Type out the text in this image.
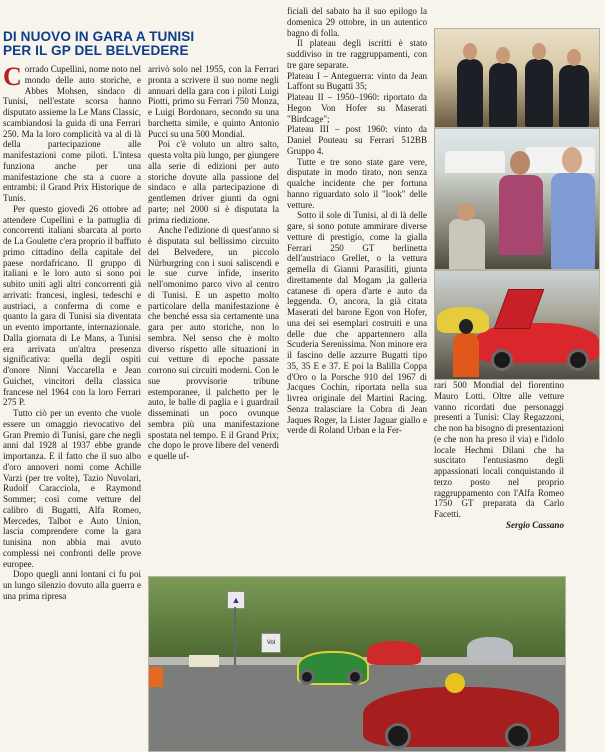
DI NUOVO IN GARA A TUNISI
PER IL GP DEL BELVEDERE

Corrado Cupellini, nome noto nel mondo delle auto storiche, e Abbes Mohsen, sindaco di Tunisi, nell'estate scorsa hanno disputato assieme la Le Mans Classic, scambiandosi la guida di una Ferrari 250. Ma la loro complicità va al di là della partecipazione alle manifestazioni come piloti. L'intesa funziona anche per una manifestazione che sta a cuore a entrambi: il Grand Prix Historique de Tunis.

Per questo giovedì 26 ottobre ad attendere Cupellini e la pattuglia di concorrenti italiani sbarcata al porto de La Goulette c'era proprio il baffuto primo cittadino della capitale del paese nordafricano. Il gruppo di italiani e le loro auto si sono poi subito uniti agli altri concorrenti già arrivati: francesi, inglesi, tedeschi e austriaci, a conferma di come e quanto la gara di Tunisi sia diventata un evento importante, internazionale. Dalla giornata di Le Mans, a Tunisi era arrivata un'altra presenza significativa: quella degli ospiti d'onore Ninni Vaccarella e Jean Guichet, vincitori della classica francese nel 1964 con la loro Ferrari 275 P.

Tutto ciò per un evento che vuole essere un omaggio rievocativo del Gran Premio di Tunisi, gare che negli anni dal 1928 al 1937 ebbe grande importanza. E il fatto che il suo albo d'oro annoveri nomi come Achille Varzi (per tre volte), Tazio Nuvolari, Rudolf Caracciola, e Raymond Sommer; così come vetture del calibro di Bugatti, Alfa Romeo, Mercedes, Talbot e Auto Union, lascia comprendere come la gara tunisina non abbia mai avuto complessi nei confronti delle prove europee.

Dopo quegli anni lontani ci fu poi un lungo silenzio dovuto alla guerra e una prima ripresa

arrivò solo nel 1955, con la Ferrari pronta a scrivere il suo nome negli annuari della gara con i piloti Luigi Piotti, primo su Ferrari 750 Monza, e Luigi Bordonaro, secondo su una barchetta simile, e quinto Antonio Pucci su una 500 Mondial.

Poi c'è voluto un altro salto, questa volta più lungo, per giungere alla serie di edizioni per auto storiche dovute alla passione del sindaco e alla partecipazione di gentlemen driver giunti da ogni parte; nel 2000 si è disputata la prima riedizione.

Anche l'edizione di quest'anno si è disputata sul bellissimo circuito del Belvedere, un piccolo Nürburgring con i suoi saliscendi e le sue curve infide, inserito nell'omonimo parco vivo al centro di Tunisi. E un aspetto molto particolare della manifestazione è che benché essa sia certamente una gara per auto storiche, non lo sembra. Nel senso che è molto diverso rispetto alle situazioni in cui vetture di epoche passate corrono sui circuiti moderni. Con le sue provvisorie tribune estemporanee, il palchetto per le auto, le balle di paglia e i guardrail disseminati un poco ovunque sembra più una manifestazione spostata nel tempo. E il Grand Prix; che dopo le prove libere del venerdì e quelle uf-

ficiali del sabato ha il suo epilogo la domenica 29 ottobre, in un autentico bagno di folla.

Il plateau degli iscritti è stato suddiviso in tre raggruppamenti, con tre gare separate.

Plateau I – Anteguerra: vinto da Jean Laffont su Bugatti 35;

Plateau II – 1950–1960: riportato da Hegon Von Hofer su Maserati "Birdcage";

Plateau III – post 1960: vinto da Daniel Pouteau su Ferrari 512BB Gruppo 4.

Tutte e tre sono state gare vere, disputate in modo tirato, non senza qualche incidente che per fortuna hanno riguardato solo il "look" delle vetture.

Sotto il sole di Tunisi, al di là delle gare, si sono potute ammirare diverse vetture di prestigio, come la gialla Ferrari 250 GT berlinetta dell'austriaco Grellet, o la vettura gemella di Gianni Parasiliti, giunta direttamente dal Mogam ,la galleria catanese di opera d'arte e auto da leggenda. O, ancora, la già citata Maserati del barone Egon von Hofer, una dei sei esemplari costruiti e una delle due che appartennero alla Scuderia Serenissima. Non minore era il fascino delle azzurre Bugatti tipo 35, 35 E e 37. E poi la Balilla Coppa d'Oro o la Porsche 910 del 1967 di Jacques Cochin, riportata nella sua livrea originale del Martini Racing. Senza tralasciare la Cobra di Jean Jaques Roger, la Lister Jaguar giallo e verde di Roland Urban e la Fer-

rari 500 Mondial del fiorentino Mauro Lotti. Oltre alle vetture vanno ricordati due personaggi presenti a Tunisi: Clay Regazzoni, che non ha bisogno di presentazioni (e che non ha preso il via) e l'idolo locale Hechmi Dilani che ha suscitato l'entusiasmo degli appassionati locali conquistando il terzo posto nel proprio raggruppamento con l'Alfa Romeo 1750 GT preparata da Carlo Facetti.

Sergio Cassano

▲
Vol
